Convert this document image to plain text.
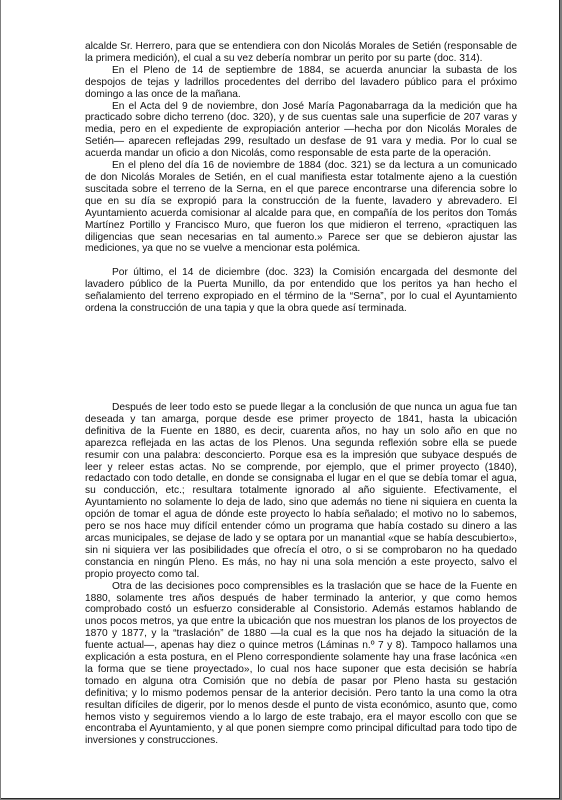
alcalde Sr. Herrero, para que se entendiera con don Nicolás Morales de Setién (responsable de la primera medición), el cual a su vez debería nombrar un perito por su parte (doc. 314).

En el Pleno de 14 de septiembre de 1884, se acuerda anunciar la subasta de los despojos de tejas y ladrillos procedentes del derribo del lavadero público para el próximo domingo a las once de la mañana.

En el Acta del 9 de noviembre, don José María Pagonabarraga da la medición que ha practicado sobre dicho terreno (doc. 320), y de sus cuentas sale una superficie de 207 varas y media, pero en el expediente de expropiación anterior —hecha por don Nicolás Morales de Setién— aparecen reflejadas 299, resultado un desfase de 91 vara y media. Por lo cual se acuerda mandar un oficio a don Nicolás, como responsable de esta parte de la operación.

En el pleno del día 16 de noviembre de 1884 (doc. 321) se da lectura a un comunicado de don Nicolás Morales de Setién, en el cual manifiesta estar totalmente ajeno a la cuestión suscitada sobre el terreno de la Serna, en el que parece encontrarse una diferencia sobre lo que en su día se expropió para la construcción de la fuente, lavadero y abrevadero. El Ayuntamiento acuerda comisionar al alcalde para que, en compañía de los peritos don Tomás Martínez Portillo y Francisco Muro, que fueron los que midieron el terreno, «practiquen las diligencias que sean necesarias en tal aumento.» Parece ser que se debieron ajustar las mediciones, ya que no se vuelve a mencionar esta polémica.

Por último, el 14 de diciembre (doc. 323) la Comisión encargada del desmonte del lavadero público de la Puerta Munillo, da por entendido que los peritos ya han hecho el señalamiento del terreno expropiado en el término de la “Serna”, por lo cual el Ayuntamiento ordena la construcción de una tapia y que la obra quede así terminada.

Después de leer todo esto se puede llegar a la conclusión de que nunca un agua fue tan deseada y tan amarga, porque desde ese primer proyecto de 1841, hasta la ubicación definitiva de la Fuente en 1880, es decir, cuarenta años, no hay un solo año en que no aparezca reflejada en las actas de los Plenos. Una segunda reflexión sobre ella se puede resumir con una palabra: desconcierto. Porque esa es la impresión que subyace después de leer y releer estas actas. No se comprende, por ejemplo, que el primer proyecto (1840), redactado con todo detalle, en donde se consignaba el lugar en el que se debía tomar el agua, su conducción, etc.; resultara totalmente ignorado al año siguiente. Efectivamente, el Ayuntamiento no solamente lo deja de lado, sino que además no tiene ni siquiera en cuenta la opción de tomar el agua de dónde este proyecto lo había señalado; el motivo no lo sabemos, pero se nos hace muy difícil entender cómo un programa que había costado su dinero a las arcas municipales, se dejase de lado y se optara por un manantial «que se había descubierto», sin ni siquiera ver las posibilidades que ofrecía el otro, o si se comprobaron no ha quedado constancia en ningún Pleno. Es más, no hay ni una sola mención a este proyecto, salvo el propio proyecto como tal.

Otra de las decisiones poco comprensibles es la traslación que se hace de la Fuente en 1880, solamente tres años después de haber terminado la anterior, y que como hemos comprobado costó un esfuerzo considerable al Consistorio. Además estamos hablando de unos pocos metros, ya que entre la ubicación que nos muestran los planos de los proyectos de 1870 y 1877, y la “traslación” de 1880 —la cual es la que nos ha dejado la situación de la fuente actual—, apenas hay diez o quince metros (Láminas n.º 7 y 8). Tampoco hallamos una explicación a esta postura, en el Pleno correspondiente solamente hay una frase lacónica «en la forma que se tiene proyectado», lo cual nos hace suponer que esta decisión se habría tomado en alguna otra Comisión que no debía de pasar por Pleno hasta su gestación definitiva; y lo mismo podemos pensar de la anterior decisión. Pero tanto la una como la otra resultan difíciles de digerir, por lo menos desde el punto de vista económico, asunto que, como hemos visto y seguiremos viendo a lo largo de este trabajo, era el mayor escollo con que se encontraba el Ayuntamiento, y al que ponen siempre como principal dificultad para todo tipo de inversiones y construcciones.
